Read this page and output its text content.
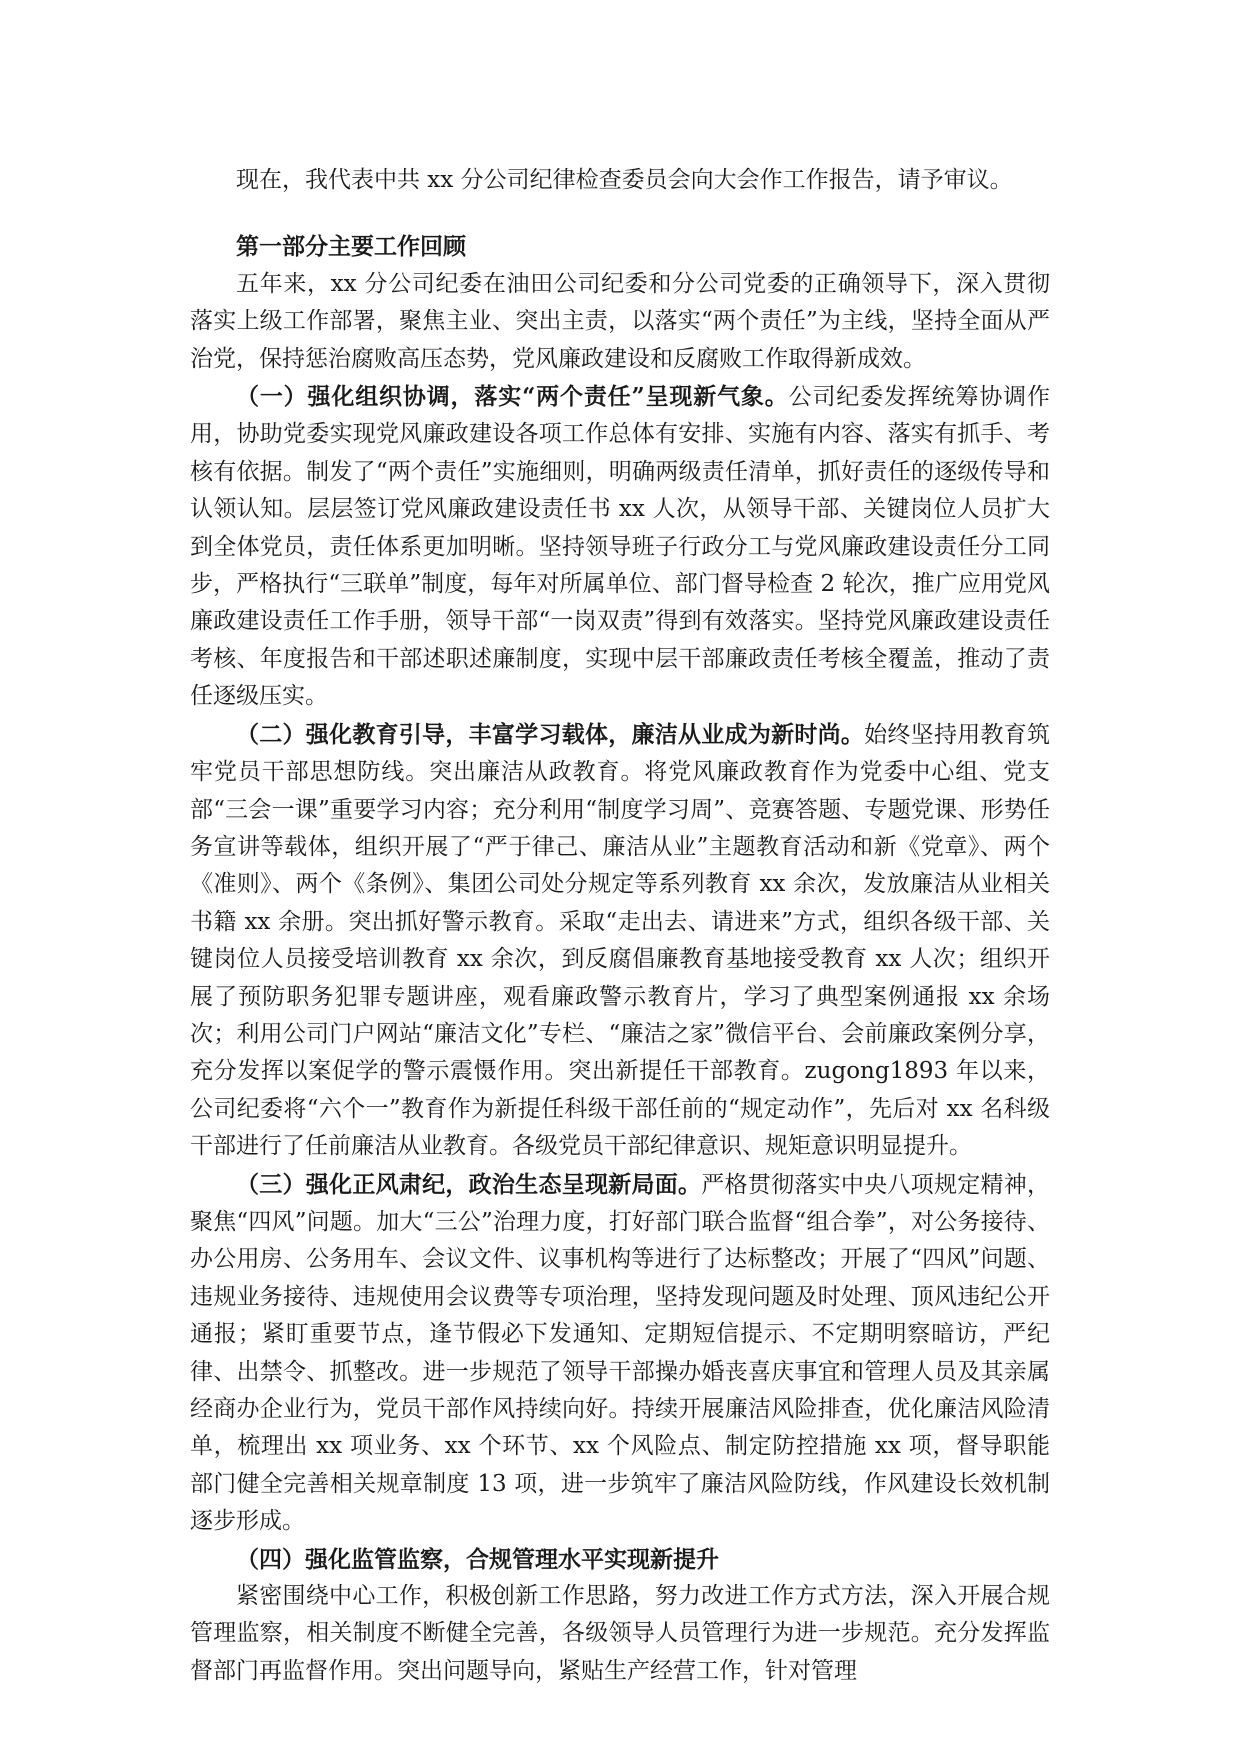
现在，我代表中共 xx 分公司纪律检查委员会向大会作工作报告，请予审议。

第一部分主要工作回顾

五年来，xx 分公司纪委在油田公司纪委和分公司党委的正确领导下，深入贯彻落实上级工作部署，聚焦主业、突出主责，以落实“两个责任”为主线，坚持全面从严治党，保持惩治腐败高压态势，党风廉政建设和反腐败工作取得新成效。

（一）强化组织协调，落实“两个责任”呈现新气象。公司纪委发挥统筹协调作用，协助党委实现党风廉政建设各项工作总体有安排、实施有内容、落实有抓手、考核有依据。制发了“两个责任”实施细则，明确两级责任清单，抓好责任的逐级传导和认领认知。层层签订党风廉政建设责任书 xx 人次，从领导干部、关键岗位人员扩大到全体党员，责任体系更加明晰。坚持领导班子行政分工与党风廉政建设责任分工同步，严格执行“三联单”制度，每年对所属单位、部门督导检查 2 轮次，推广应用党风廉政建设责任工作手册，领导干部“一岗双责”得到有效落实。坚持党风廉政建设责任考核、年度报告和干部述职述廉制度，实现中层干部廉政责任考核全覆盖，推动了责任逐级压实。

（二）强化教育引导，丰富学习载体，廉洁从业成为新时尚。始终坚持用教育筑牢党员干部思想防线。突出廉洁从政教育。将党风廉政教育作为党委中心组、党支部“三会一课”重要学习内容；充分利用“制度学习周”、竞赛答题、专题党课、形势任务宣讲等载体，组织开展了“严于律己、廉洁从业”主题教育活动和新《党章》、两个《准则》、两个《条例》、集团公司处分规定等系列教育 xx 余次，发放廉洁从业相关书籍 xx 余册。突出抓好警示教育。采取“走出去、请进来”方式，组织各级干部、关键岗位人员接受培训教育 xx 余次，到反腐倡廉教育基地接受教育 xx 人次；组织开展了预防职务犯罪专题讲座，观看廉政警示教育片，学习了典型案例通报 xx 余场次；利用公司门户网站“廉洁文化”专栏、“廉洁之家”微信平台、会前廉政案例分享，充分发挥以案促学的警示震慑作用。突出新提任干部教育。zugong1893 年以来，公司纪委将“六个一”教育作为新提任科级干部任前的“规定动作”，先后对 xx 名科级干部进行了任前廉洁从业教育。各级党员干部纪律意识、规矩意识明显提升。

（三）强化正风肃纪，政治生态呈现新局面。严格贯彻落实中央八项规定精神，聚焦“四风”问题。加大“三公”治理力度，打好部门联合监督“组合拳”，对公务接待、办公用房、公务用车、会议文件、议事机构等进行了达标整改；开展了“四风”问题、违规业务接待、违规使用会议费等专项治理，坚持发现问题及时处理、顶风违纪公开通报；紧盯重要节点，逢节假必下发通知、定期短信提示、不定期明察暗访，严纪律、出禁令、抓整改。进一步规范了领导干部操办婚丧喜庆事宜和管理人员及其亲属经商办企业行为，党员干部作风持续向好。持续开展廉洁风险排查，优化廉洁风险清单，梳理出 xx 项业务、xx 个环节、xx 个风险点、制定防控措施 xx 项，督导职能部门健全完善相关规章制度 13 项，进一步筑牢了廉洁风险防线，作风建设长效机制逐步形成。

（四）强化监管监察，合规管理水平实现新提升

紧密围绕中心工作，积极创新工作思路，努力改进工作方式方法，深入开展合规管理监察，相关制度不断健全完善，各级领导人员管理行为进一步规范。充分发挥监督部门再监督作用。突出问题导向，紧贴生产经营工作，针对管理
